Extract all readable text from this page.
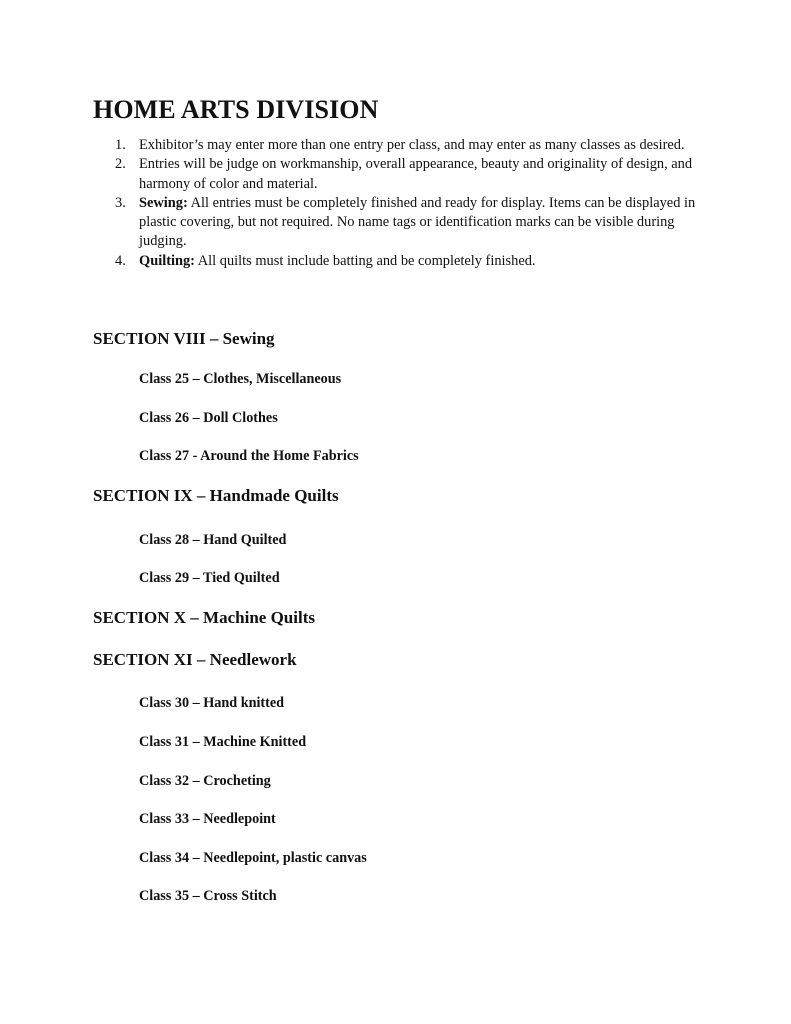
HOME ARTS DIVISION
1. Exhibitor’s may enter more than one entry per class, and may enter as many classes as desired.
2. Entries will be judge on workmanship, overall appearance, beauty and originality of design, and harmony of color and material.
3. Sewing: All entries must be completely finished and ready for display. Items can be displayed in plastic covering, but not required. No name tags or identification marks can be visible during judging.
4. Quilting: All quilts must include batting and be completely finished.
SECTION VIII – Sewing

Class 25 – Clothes, Miscellaneous

Class 26 – Doll Clothes

Class 27 - Around the Home Fabrics

SECTION IX – Handmade Quilts

Class 28 – Hand Quilted

Class 29 – Tied Quilted

SECTION X – Machine Quilts
SECTION XI – Needlework

Class 30 – Hand knitted

Class 31 – Machine Knitted

Class 32 – Crocheting

Class 33 – Needlepoint

Class 34 – Needlepoint, plastic canvas

Class 35 – Cross Stitch
